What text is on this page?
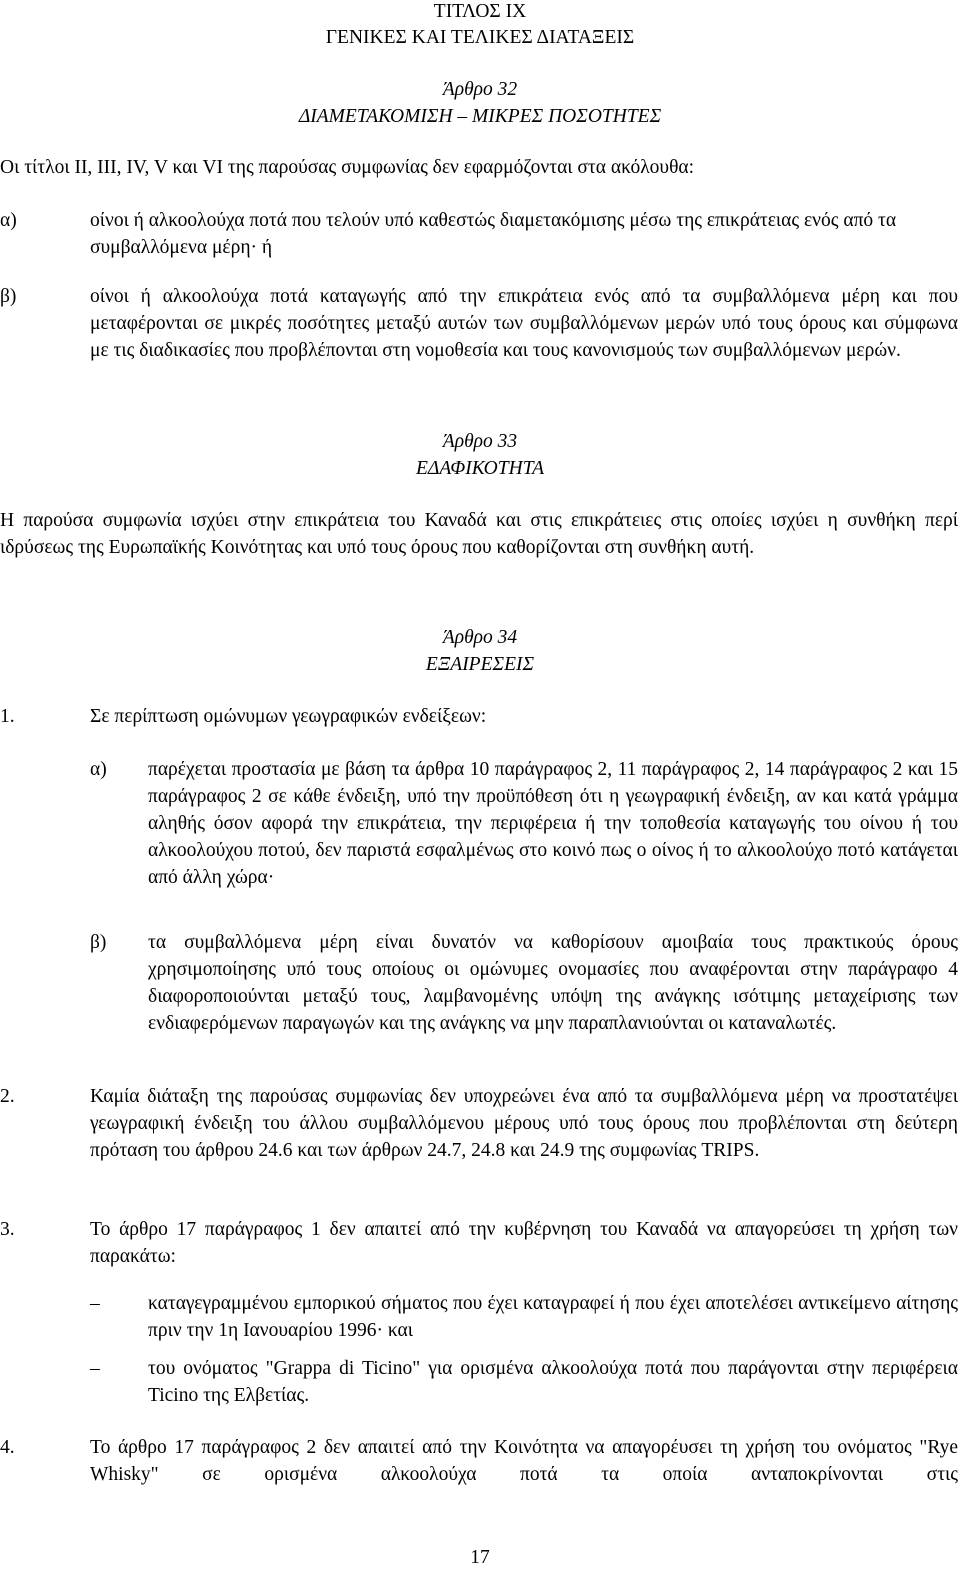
ΤΙΤΛΟΣ ΙΧ
ΓΕΝΙΚΕΣ ΚΑΙ ΤΕΛΙΚΕΣ ΔΙΑΤΑΞΕΙΣ
Άρθρο 32
ΔΙΑΜΕΤΑΚΟΜΙΣΗ – ΜΙΚΡΕΣ ΠΟΣΟΤΗΤΕΣ
Οι τίτλοι II, III, IV, V και VI της παρούσας συμφωνίας δεν εφαρμόζονται στα ακόλουθα:
α)	οίνοι ή αλκοολούχα ποτά που τελούν υπό καθεστώς διαμετακόμισης μέσω της επικράτειας ενός από τα συμβαλλόμενα μέρη· ή
β)	οίνοι ή αλκοολούχα ποτά καταγωγής από την επικράτεια ενός από τα συμβαλλόμενα μέρη και που μεταφέρονται σε μικρές ποσότητες μεταξύ αυτών των συμβαλλόμενων μερών υπό τους όρους και σύμφωνα με τις διαδικασίες που προβλέπονται στη νομοθεσία και τους κανονισμούς των συμβαλλόμενων μερών.
Άρθρο 33
ΕΔΑΦΙΚΟΤΗΤΑ
Η παρούσα συμφωνία ισχύει στην επικράτεια του Καναδά και στις επικράτειες στις οποίες ισχύει η συνθήκη περί ιδρύσεως της Ευρωπαϊκής Κοινότητας και υπό τους όρους που καθορίζονται στη συνθήκη αυτή.
Άρθρο 34
ΕΞΑΙΡΕΣΕΙΣ
1.	Σε περίπτωση ομώνυμων γεωγραφικών ενδείξεων:
α) παρέχεται προστασία με βάση τα άρθρα 10 παράγραφος 2, 11 παράγραφος 2, 14 παράγραφος 2 και 15 παράγραφος 2 σε κάθε ένδειξη, υπό την προϋπόθεση ότι η γεωγραφική ένδειξη, αν και κατά γράμμα αληθής όσον αφορά την επικράτεια, την περιφέρεια ή την τοποθεσία καταγωγής του οίνου ή του αλκοολούχου ποτού, δεν παριστά εσφαλμένως στο κοινό πως ο οίνος ή το αλκοολούχο ποτό κατάγεται από άλλη χώρα·
β) τα συμβαλλόμενα μέρη είναι δυνατόν να καθορίσουν αμοιβαία τους πρακτικούς όρους χρησιμοποίησης υπό τους οποίους οι ομώνυμες ονομασίες που αναφέρονται στην παράγραφο 4 διαφοροποιούνται μεταξύ τους, λαμβανομένης υπόψη της ανάγκης ισότιμης μεταχείρισης των ενδιαφερόμενων παραγωγών και της ανάγκης να μην παραπλανιούνται οι καταναλωτές.
2.	Καμία διάταξη της παρούσας συμφωνίας δεν υποχρεώνει ένα από τα συμβαλλόμενα μέρη να προστατέψει γεωγραφική ένδειξη του άλλου συμβαλλόμενου μέρους υπό τους όρους που προβλέπονται στη δεύτερη πρόταση του άρθρου 24.6 και των άρθρων 24.7, 24.8 και 24.9 της συμφωνίας TRIPS.
3.	Το άρθρο 17 παράγραφος 1 δεν απαιτεί από την κυβέρνηση του Καναδά να απαγορεύσει τη χρήση των παρακάτω:
– καταγεγραμμένου εμπορικού σήματος που έχει καταγραφεί ή που έχει αποτελέσει αντικείμενο αίτησης πριν την 1η Ιανουαρίου 1996· και
– του ονόματος "Grappa di Ticino" για ορισμένα αλκοολούχα ποτά που παράγονται στην περιφέρεια Ticino της Ελβετίας.
4.	Το άρθρο 17 παράγραφος 2 δεν απαιτεί από την Κοινότητα να απαγορέυσει τη χρήση του ονόματος "Rye Whisky" σε ορισμένα αλκοολούχα ποτά τα οποία ανταποκρίνονται στις
17
